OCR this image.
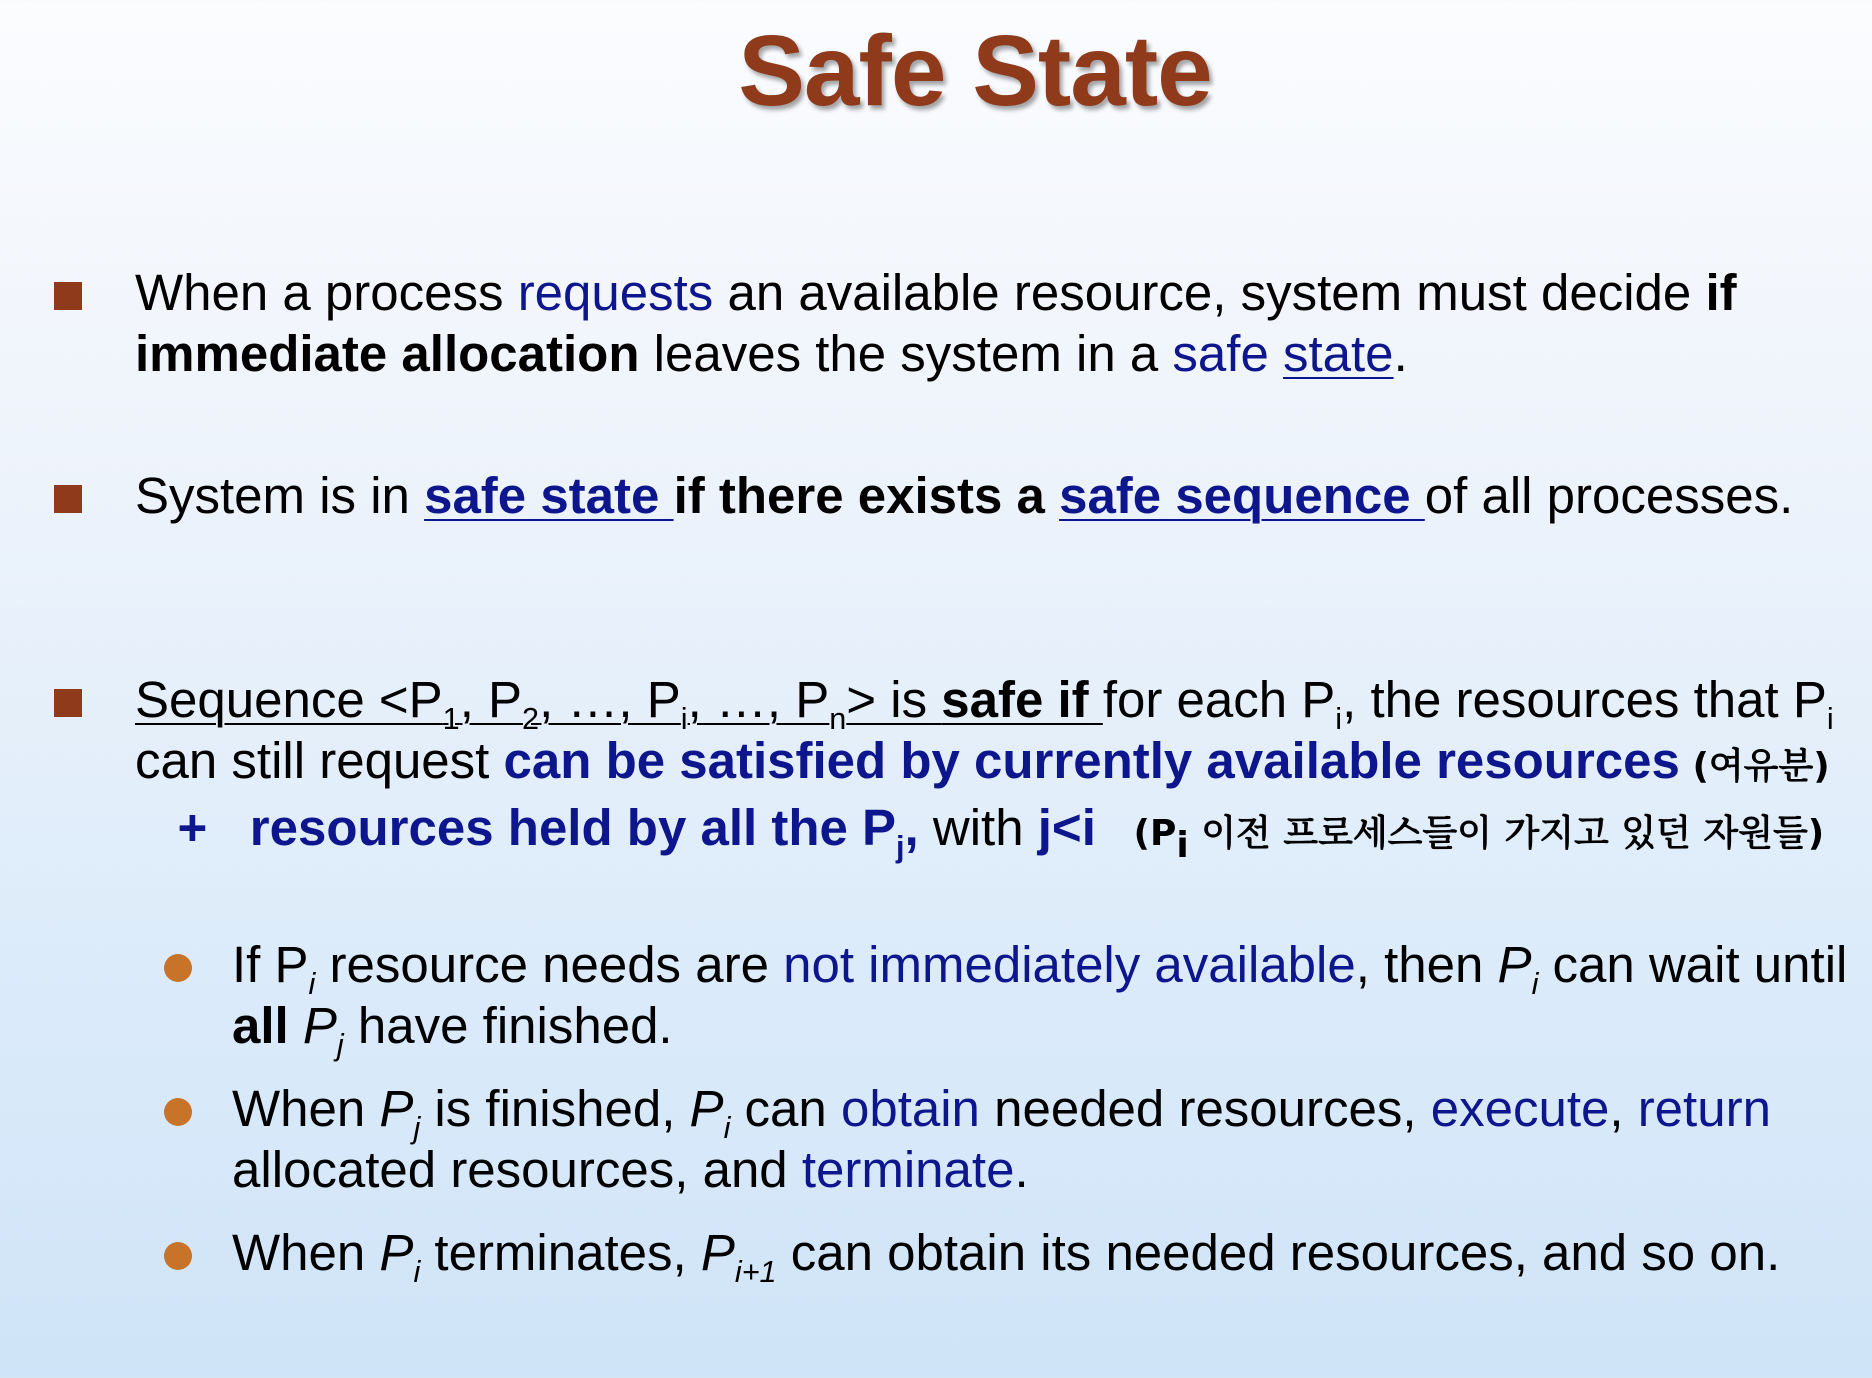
Safe State
When a process requests an available resource, system must decide if immediate allocation leaves the system in a safe state.
System is in safe state if there exists a safe sequence of all processes.
Sequence $<P_1$, $P_2$, …, $P_i$, …, $P_n>$ is safe if for each $P_i$, the resources that $P_i$ can still request can be satisfied by currently available resources (여유분)   +   resources held by all the $P_j$, with j<i   ($P_i$ 이전 프로세스들이 가지고 있던 자원들)
If $P_i$ resource needs are not immediately available, then $P_i$ can wait until all $P_j$ have finished.
When $P_j$ is finished, $P_i$ can obtain needed resources, execute, return allocated resources, and terminate.
When $P_i$ terminates, $P_{i+1}$ can obtain its needed resources, and so on.
